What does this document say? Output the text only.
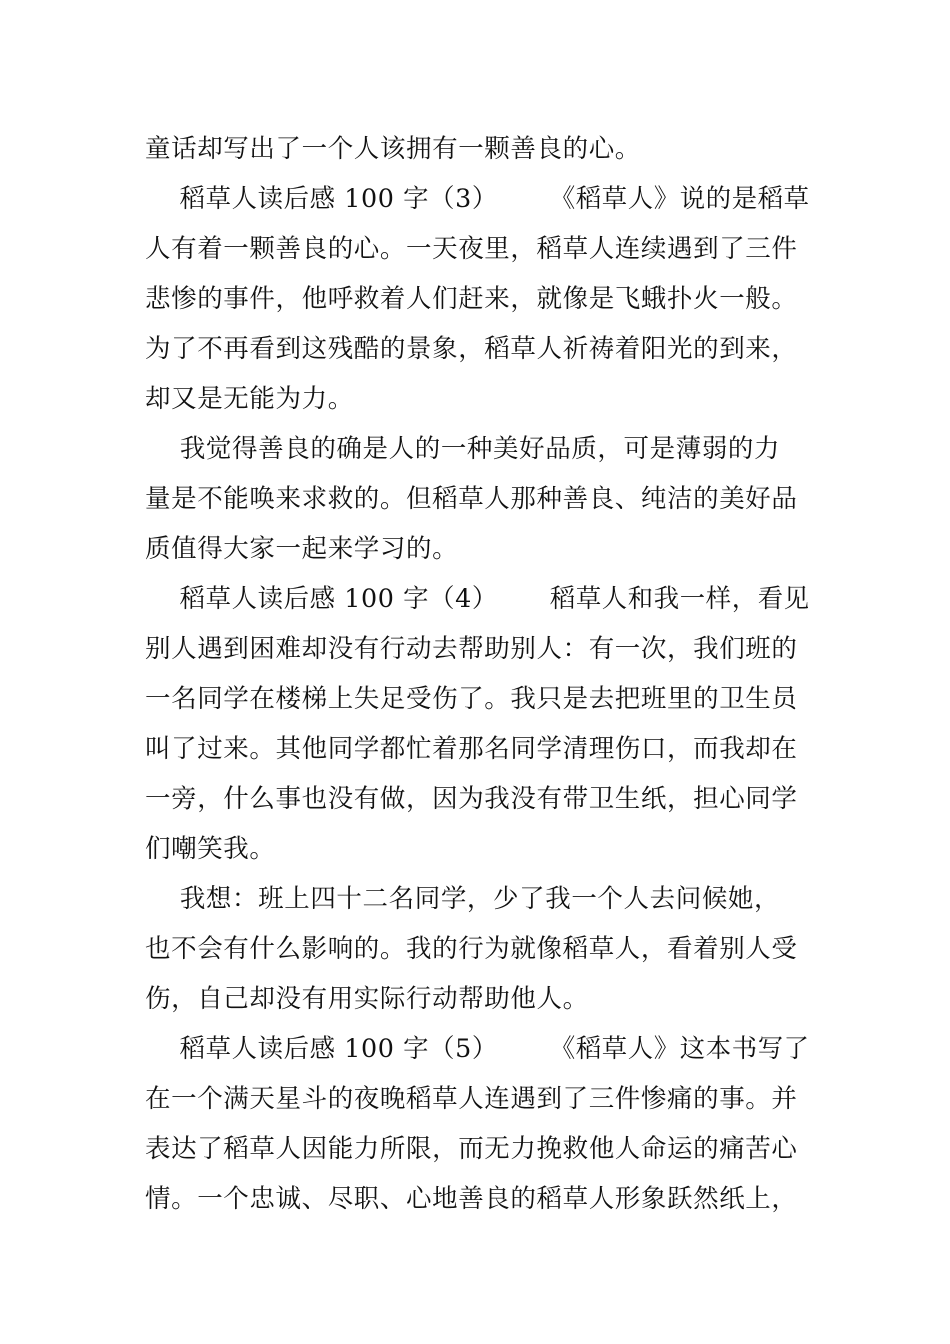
童话却写出了一个人该拥有一颗善良的心。
稻草人读后感 100 字（3）      《稻草人》说的是稻草
人有着一颗善良的心。一天夜里，稻草人连续遇到了三件
悲惨的事件，他呼救着人们赶来，就像是飞蛾扑火一般。
为了不再看到这残酷的景象，稻草人祈祷着阳光的到来，
却又是无能为力。
我觉得善良的确是人的一种美好品质，可是薄弱的力
量是不能唤来求救的。但稻草人那种善良、纯洁的美好品
质值得大家一起来学习的。
稻草人读后感 100 字（4）      稻草人和我一样，看见
别人遇到困难却没有行动去帮助别人：有一次，我们班的
一名同学在楼梯上失足受伤了。我只是去把班里的卫生员
叫了过来。其他同学都忙着那名同学清理伤口，而我却在
一旁，什么事也没有做，因为我没有带卫生纸，担心同学
们嘲笑我。
我想：班上四十二名同学，少了我一个人去问候她，
也不会有什么影响的。我的行为就像稻草人，看着别人受
伤，自己却没有用实际行动帮助他人。
稻草人读后感 100 字（5）      《稻草人》这本书写了
在一个满天星斗的夜晚稻草人连遇到了三件惨痛的事。并
表达了稻草人因能力所限，而无力挽救他人命运的痛苦心
情。一个忠诚、尽职、心地善良的稻草人形象跃然纸上，
